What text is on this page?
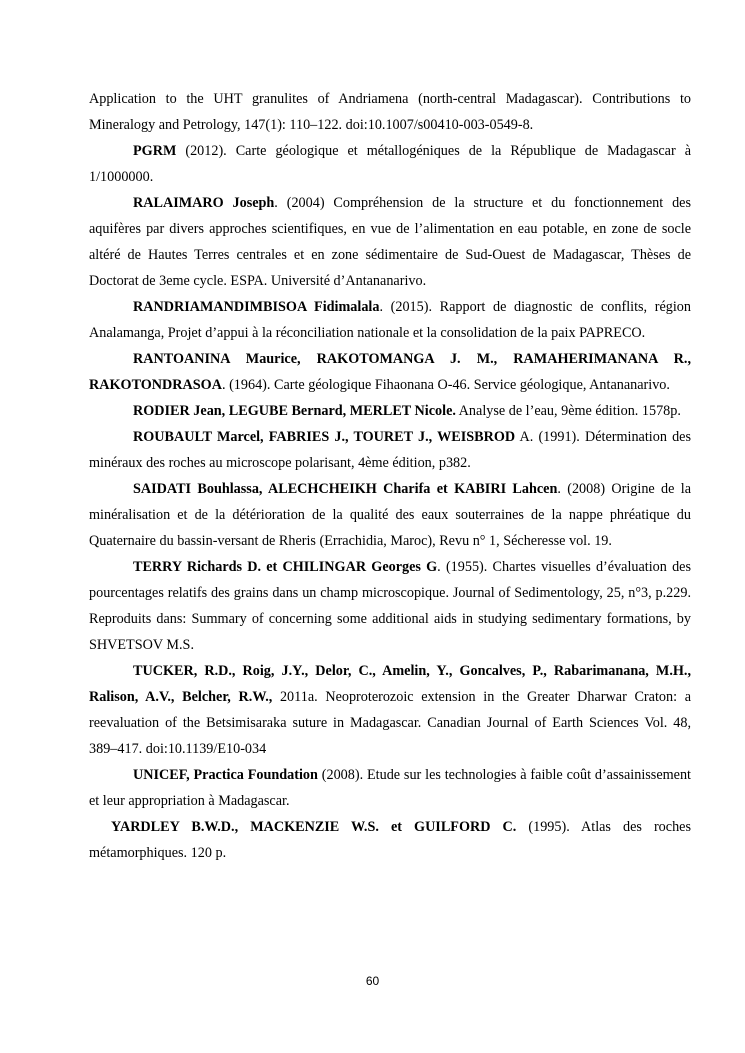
Application to the UHT granulites of Andriamena (north-central Madagascar). Contributions to Mineralogy and Petrology, 147(1): 110–122. doi:10.1007/s00410-003-0549-8.

PGRM (2012). Carte géologique et métallogéniques de la République de Madagascar à 1/1000000.

RALAIMARO Joseph. (2004) Compréhension de la structure et du fonctionnement des aquifères par divers approches scientifiques, en vue de l’alimentation en eau potable, en zone de socle altéré de Hautes Terres centrales et en zone sédimentaire de Sud-Ouest de Madagascar, Thèses de Doctorat de 3eme cycle. ESPA. Université d’Antananarivo.

RANDRIAMANDIMBISOA Fidimalala. (2015). Rapport de diagnostic de conflits, région Analamanga, Projet d’appui à la réconciliation nationale et la consolidation de la paix PAPRECO.

RANTOANINA Maurice, RAKOTOMANGA J. M., RAMAHERIMANANA R., RAKOTONDRASOA. (1964). Carte géologique Fihaonana O-46. Service géologique, Antananarivo.

RODIER Jean, LEGUBE Bernard, MERLET Nicole. Analyse de l’eau, 9ème édition. 1578p.

ROUBAULT Marcel, FABRIES J., TOURET J., WEISBROD A. (1991). Détermination des minéraux des roches au microscope polarisant, 4ème édition, p382.

SAIDATI Bouhlassa, ALECHCHEIKH Charifa et KABIRI Lahcen. (2008) Origine de la minéralisation et de la détérioration de la qualité des eaux souterraines de la nappe phréatique du Quaternaire du bassin-versant de Rheris (Errachidia, Maroc), Revu n° 1, Sécheresse vol. 19.

TERRY Richards D. et CHILINGAR Georges G. (1955). Chartes visuelles d’évaluation des pourcentages relatifs des grains dans un champ microscopique. Journal of Sedimentology, 25, n°3, p.229. Reproduits dans: Summary of concerning some additional aids in studying sedimentary formations, by SHVETSOV M.S.

TUCKER, R.D., Roig, J.Y., Delor, C., Amelin, Y., Goncalves, P., Rabarimanana, M.H., Ralison, A.V., Belcher, R.W., 2011a. Neoproterozoic extension in the Greater Dharwar Craton: a reevaluation of the Betsimisaraka suture in Madagascar. Canadian Journal of Earth Sciences Vol. 48, 389–417. doi:10.1139/E10-034

UNICEF, Practica Foundation (2008). Etude sur les technologies à faible coût d’assainissement et leur appropriation à Madagascar.

YARDLEY B.W.D., MACKENZIE W.S. et GUILFORD C. (1995). Atlas des roches métamorphiques. 120 p.

60
